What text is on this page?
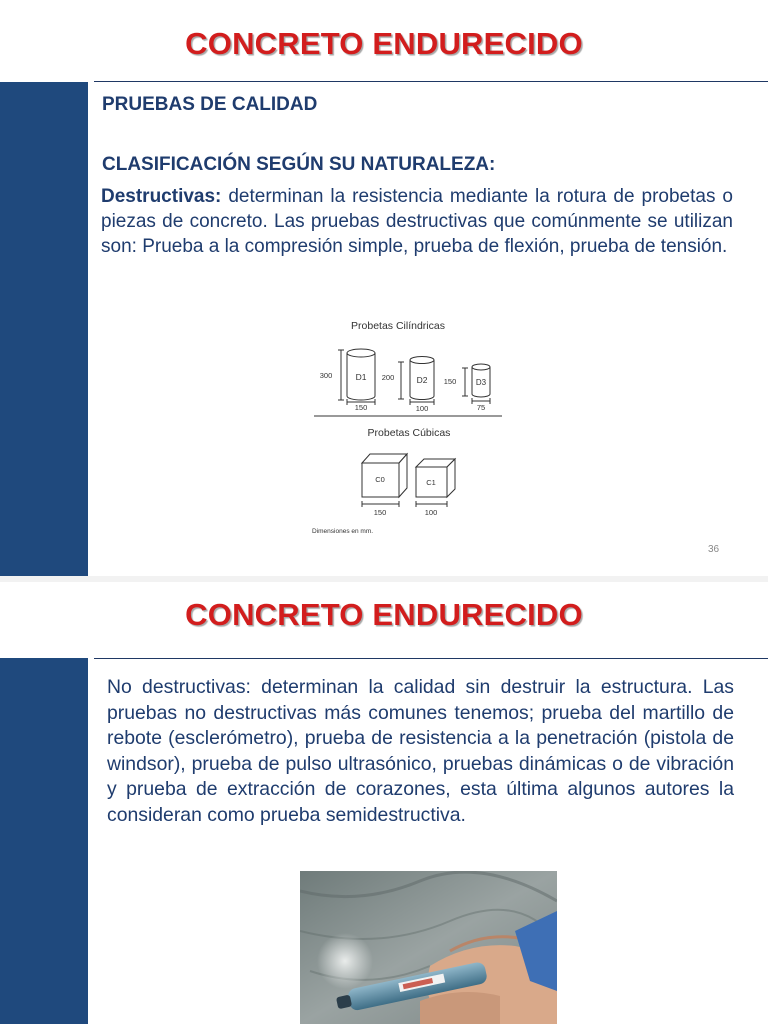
CONCRETO ENDURECIDO
PRUEBAS DE CALIDAD
CLASIFICACIÓN SEGÚN SU NATURALEZA:
Destructivas: determinan la resistencia mediante la rotura de probetas o piezas de concreto. Las pruebas destructivas que comúnmente se utilizan son: Prueba a la compresión simple, prueba de flexión, prueba de tensión.
Probetas Cilíndricas
D1
300
150
D2
200
100
D3
150
75
Probetas Cúbicas
C0
150
C1
100
Dimensiones en mm.
36
CONCRETO ENDURECIDO
No destructivas: determinan la calidad sin destruir la estructura. Las pruebas no destructivas más comunes tenemos; prueba del martillo de rebote (esclerómetro), prueba de resistencia a la penetración (pistola de windsor), prueba de pulso ultrasónico, pruebas dinámicas o de vibración y prueba de extracción de corazones, esta última algunos autores la consideran como prueba semidestructiva.
